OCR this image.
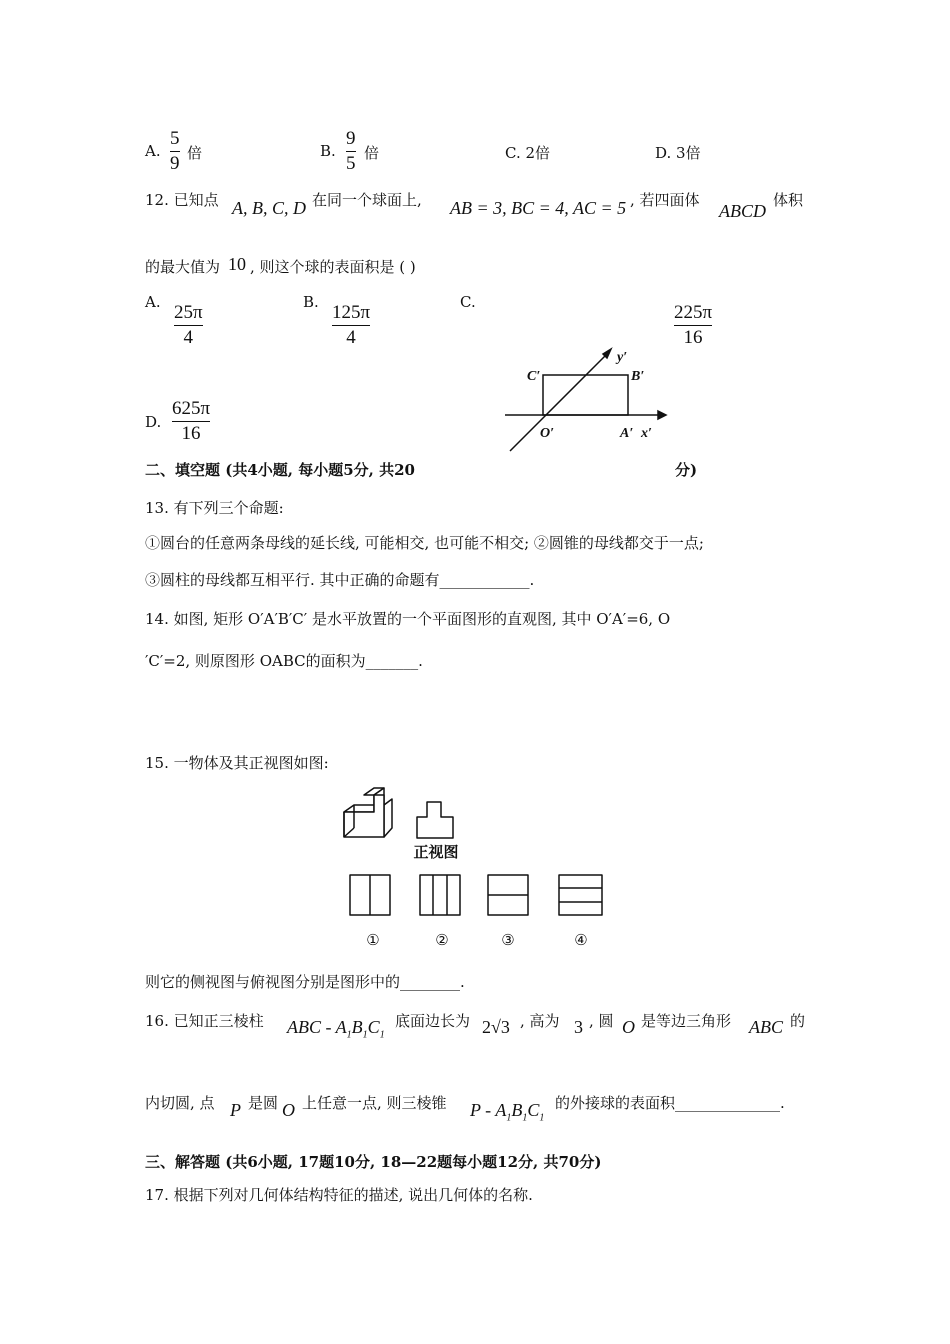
A.
5
9 倍	B.
9
5 倍	C. 2倍	D. 3倍
12. 已知点 A, B, C, D 在同一个球面上, AB = 3, BC = 4, AC = 5 , 若四面体
ABCD
体积
的最大值为 10 , 则这个球的表面积是 ( )
A. 25π
4
B. 125π
4
C.	225π
16
D.
625π
16
C′	B′
O′	A′ x′
y′
二、填空题 (共4小题, 每小题5分, 共20	分)
13. 有下列三个命题:
①圆台的任意两条母线的延长线, 可能相交, 也可能不相交; ②圆锥的母线都交于一点;
③圆柱的母线都互相平行. 其中正确的命题有____________.
14. 如图, 矩形 O′A′B′C′ 是水平放置的一个平面图形的直观图, 其中 O′A′=6, O
′C′=2, 则原图形 OABC的面积为_______.
15. 一物体及其正视图如图:
正视图
①	②	③	④
则它的侧视图与俯视图分别是图形中的________.
16. 已知正三棱柱 ABC - $A_1B_1C_1$
底面边长为 2√3 , 高为 3 , 圆 O 是等边三角形 ABC 的
内切圆, 点 P 是圆 O 上任意一点, 则三棱锥 P - $A_1B_1C_1$
的外接球的表面积______________.
三、解答题 (共6小题, 17题10分, 18—22题每小题12分, 共70分)
17. 根据下列对几何体结构特征的描述, 说出几何体的名称.
